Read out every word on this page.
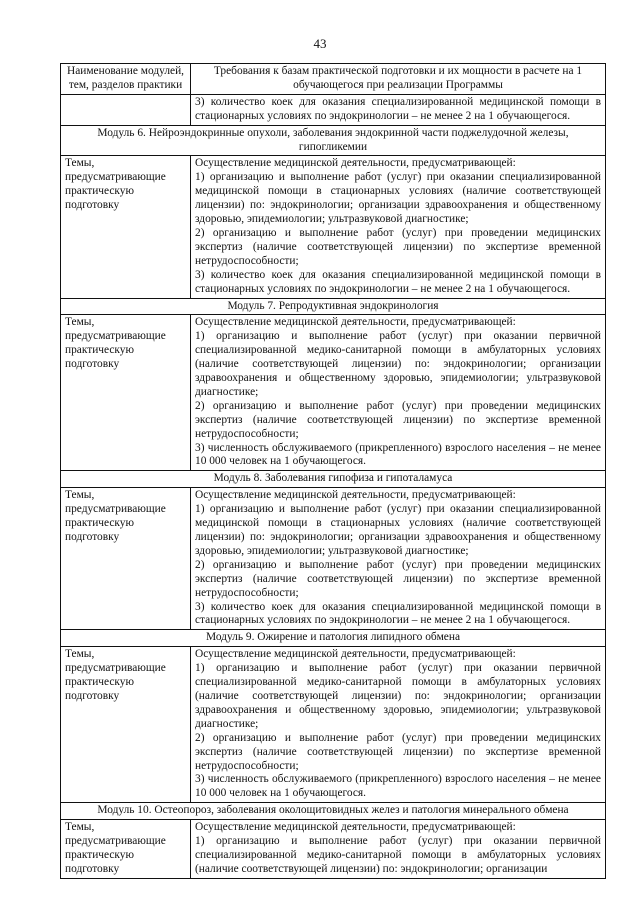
43
Наименование модулей, тем, разделов практики	Требования к базам практической подготовки и их мощности в расчете на 1 обучающегося при реализации Программы

	3) количество коек для оказания специализированной медицинской помощи в стационарных условиях по эндокринологии – не менее 2 на 1 обучающегося.

Модуль 6. Нейроэндокринные опухоли, заболевания эндокринной части поджелудочной железы, гипогликемии	
Темы, предусматривающие практическую подготовку	Осуществление медицинской деятельности, предусматривающей:
1) организацию и выполнение работ (услуг) при оказании специализированной медицинской помощи в стационарных условиях (наличие соответствующей лицензии) по: эндокринологии; организации здравоохранения и общественному здоровью, эпидемиологии; ультразвуковой диагностике;
2) организацию и выполнение работ (услуг) при проведении медицинских экспертиз (наличие соответствующей лицензии) по экспертизе временной нетрудоспособности;
3) количество коек для оказания специализированной медицинской помощи в стационарных условиях по эндокринологии – не менее 2 на 1 обучающегося.

Модуль 7. Репродуктивная эндокринология	
Темы, предусматривающие практическую подготовку	Осуществление медицинской деятельности, предусматривающей:
1) организацию и выполнение работ (услуг) при оказании первичной специализированной медико-санитарной помощи в амбулаторных условиях (наличие соответствующей лицензии) по: эндокринологии; организации здравоохранения и общественному здоровью, эпидемиологии; ультразвуковой диагностике;
2) организацию и выполнение работ (услуг) при проведении медицинских экспертиз (наличие соответствующей лицензии) по экспертизе временной нетрудоспособности;
3) численность обслуживаемого (прикрепленного) взрослого населения – не менее 10 000 человек на 1 обучающегося.

Модуль 8. Заболевания гипофиза и гипоталамуса	
Темы, предусматривающие практическую подготовку	Осуществление медицинской деятельности, предусматривающей:
1) организацию и выполнение работ (услуг) при оказании специализированной медицинской помощи в стационарных условиях (наличие соответствующей лицензии) по: эндокринологии; организации здравоохранения и общественному здоровью, эпидемиологии; ультразвуковой диагностике;
2) организацию и выполнение работ (услуг) при проведении медицинских экспертиз (наличие соответствующей лицензии) по экспертизе временной нетрудоспособности;
3) количество коек для оказания специализированной медицинской помощи в стационарных условиях по эндокринологии – не менее 2 на 1 обучающегося.

Модуль 9. Ожирение и патология липидного обмена	
Темы, предусматривающие практическую подготовку	Осуществление медицинской деятельности, предусматривающей:
1) организацию и выполнение работ (услуг) при оказании первичной специализированной медико-санитарной помощи в амбулаторных условиях (наличие соответствующей лицензии) по: эндокринологии; организации здравоохранения и общественному здоровью, эпидемиологии; ультразвуковой диагностике;
2) организацию и выполнение работ (услуг) при проведении медицинских экспертиз (наличие соответствующей лицензии) по экспертизе временной нетрудоспособности;
3) численность обслуживаемого (прикрепленного) взрослого населения – не менее 10 000 человек на 1 обучающегося.

Модуль 10. Остеопороз, заболевания околощитовидных желез и патология минерального обмена	
Темы, предусматривающие практическую подготовку	Осуществление медицинской деятельности, предусматривающей:
1) организацию и выполнение работ (услуг) при оказании первичной специализированной медико-санитарной помощи в амбулаторных условиях (наличие соответствующей лицензии) по: эндокринологии; организации
